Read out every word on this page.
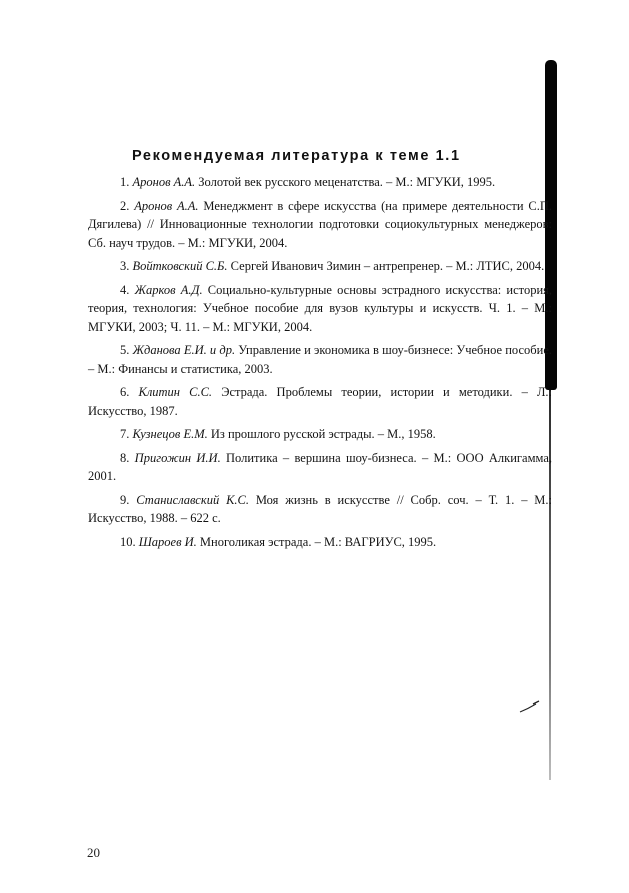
Рекомендуемая литература к теме 1.1

1. Аронов А.А. Золотой век русского меценатства. – М.: МГУКИ, 1995.

2. Аронов А.А. Менеджмент в сфере искусства (на примере деятельности С.П. Дягилева) // Инновационные технологии подготовки социокультурных менеджеров: Сб. науч трудов. – М.: МГУКИ, 2004.

3. Войтковский С.Б. Сергей Иванович Зимин – антрепренер. – М.: ЛТИС, 2004.

4. Жарков А.Д. Социально-культурные основы эстрадного искусства: история, теория, технология: Учебное пособие для вузов культуры и искусств. Ч. 1. – М.: МГУКИ, 2003; Ч. 11. – М.: МГУКИ, 2004.

5. Жданова Е.И. и др. Управление и экономика в шоу-бизнесе: Учебное пособие. – М.: Финансы и статистика, 2003.

6. Клитин С.С. Эстрада. Проблемы теории, истории и методики. – Л.: Искусство, 1987.

7. Кузнецов Е.М. Из прошлого русской эстрады. – М., 1958.

8. Пригожин И.И. Политика – вершина шоу-бизнеса. – М.: ООО Алкигамма, 2001.

9. Станиславский К.С. Моя жизнь в искусстве // Собр. соч. – Т. 1. – М.: Искусство, 1988. – 622 с.

10. Шароев И. Многоликая эстрада. – М.: ВАГРИУС, 1995.

20
